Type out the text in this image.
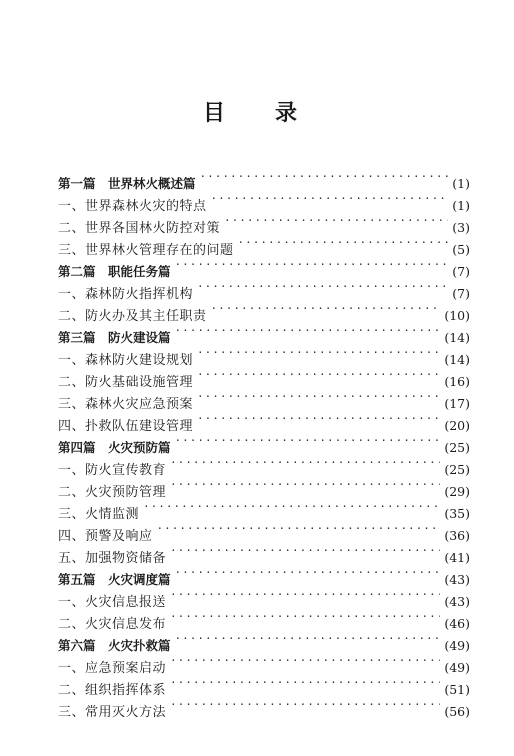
目　录
第一篇　世界林火概述篇 ·····	(1)
一、世界森林火灾的特点 ·····	(1)
二、世界各国林火防控对策 ·····	(3)
三、世界林火管理存在的问题 ·····	(5)
第二篇　职能任务篇 ·····	(7)
一、森林防火指挥机构 ·····	(7)
二、防火办及其主任职责 ·····	(10)
第三篇　防火建设篇 ·····	(14)
一、森林防火建设规划 ·····	(14)
二、防火基础设施管理 ·····	(16)
三、森林火灾应急预案 ·····	(17)
四、扑救队伍建设管理 ·····	(20)
第四篇　火灾预防篇 ·····	(25)
一、防火宣传教育 ·····	(25)
二、火灾预防管理 ·····	(29)
三、火情监测 ·····	(35)
四、预警及响应 ·····	(36)
五、加强物资储备 ·····	(41)
第五篇　火灾调度篇 ·····	(43)
一、火灾信息报送 ·····	(43)
二、火灾信息发布 ·····	(46)
第六篇　火灾扑救篇 ·····	(49)
一、应急预案启动 ·····	(49)
二、组织指挥体系 ·····	(51)
三、常用灭火方法 ·····	(56)
